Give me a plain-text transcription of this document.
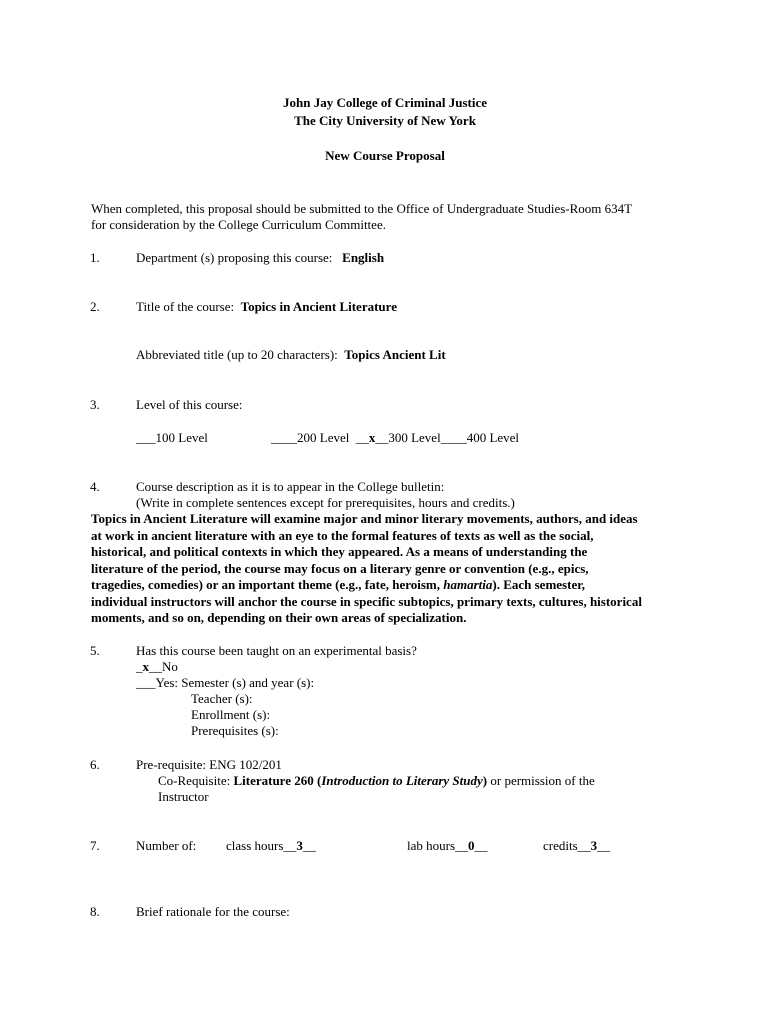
John Jay College of Criminal Justice
The City University of New York
New Course Proposal
When completed, this proposal should be submitted to the Office of Undergraduate Studies-Room 634T
for consideration by the College Curriculum Committee.
1.	Department (s) proposing this course: English
2.	Title of the course: Topics in Ancient Literature
Abbreviated title (up to 20 characters): Topics Ancient Lit
3.	Level of this course:
___100 Level	____200 Level __x__300 Level____400 Level
4.	Course description as it is to appear in the College bulletin:
(Write in complete sentences except for prerequisites, hours and credits.)
Topics in Ancient Literature will examine major and minor literary movements, authors, and ideas
at work in ancient literature with an eye to the formal features of texts as well as the social,
historical, and political contexts in which they appeared. As a means of understanding the
literature of the period, the course may focus on a literary genre or convention (e.g., epics,
tragedies, comedies) or an important theme (e.g., fate, heroism, hamartia). Each semester,
individual instructors will anchor the course in specific subtopics, primary texts, cultures, historical
moments, and so on, depending on their own areas of specialization.
5.	Has this course been taught on an experimental basis?
_x__No
___Yes: Semester (s) and year (s):
Teacher (s):
Enrollment (s):
Prerequisites (s):
6.	Pre-requisite: ENG 102/201
Co-Requisite: Literature 260 (Introduction to Literary Study) or permission of the
Instructor
7.	Number of: class hours__3__	lab hours__0__	credits__3__
8.	Brief rationale for the course:
